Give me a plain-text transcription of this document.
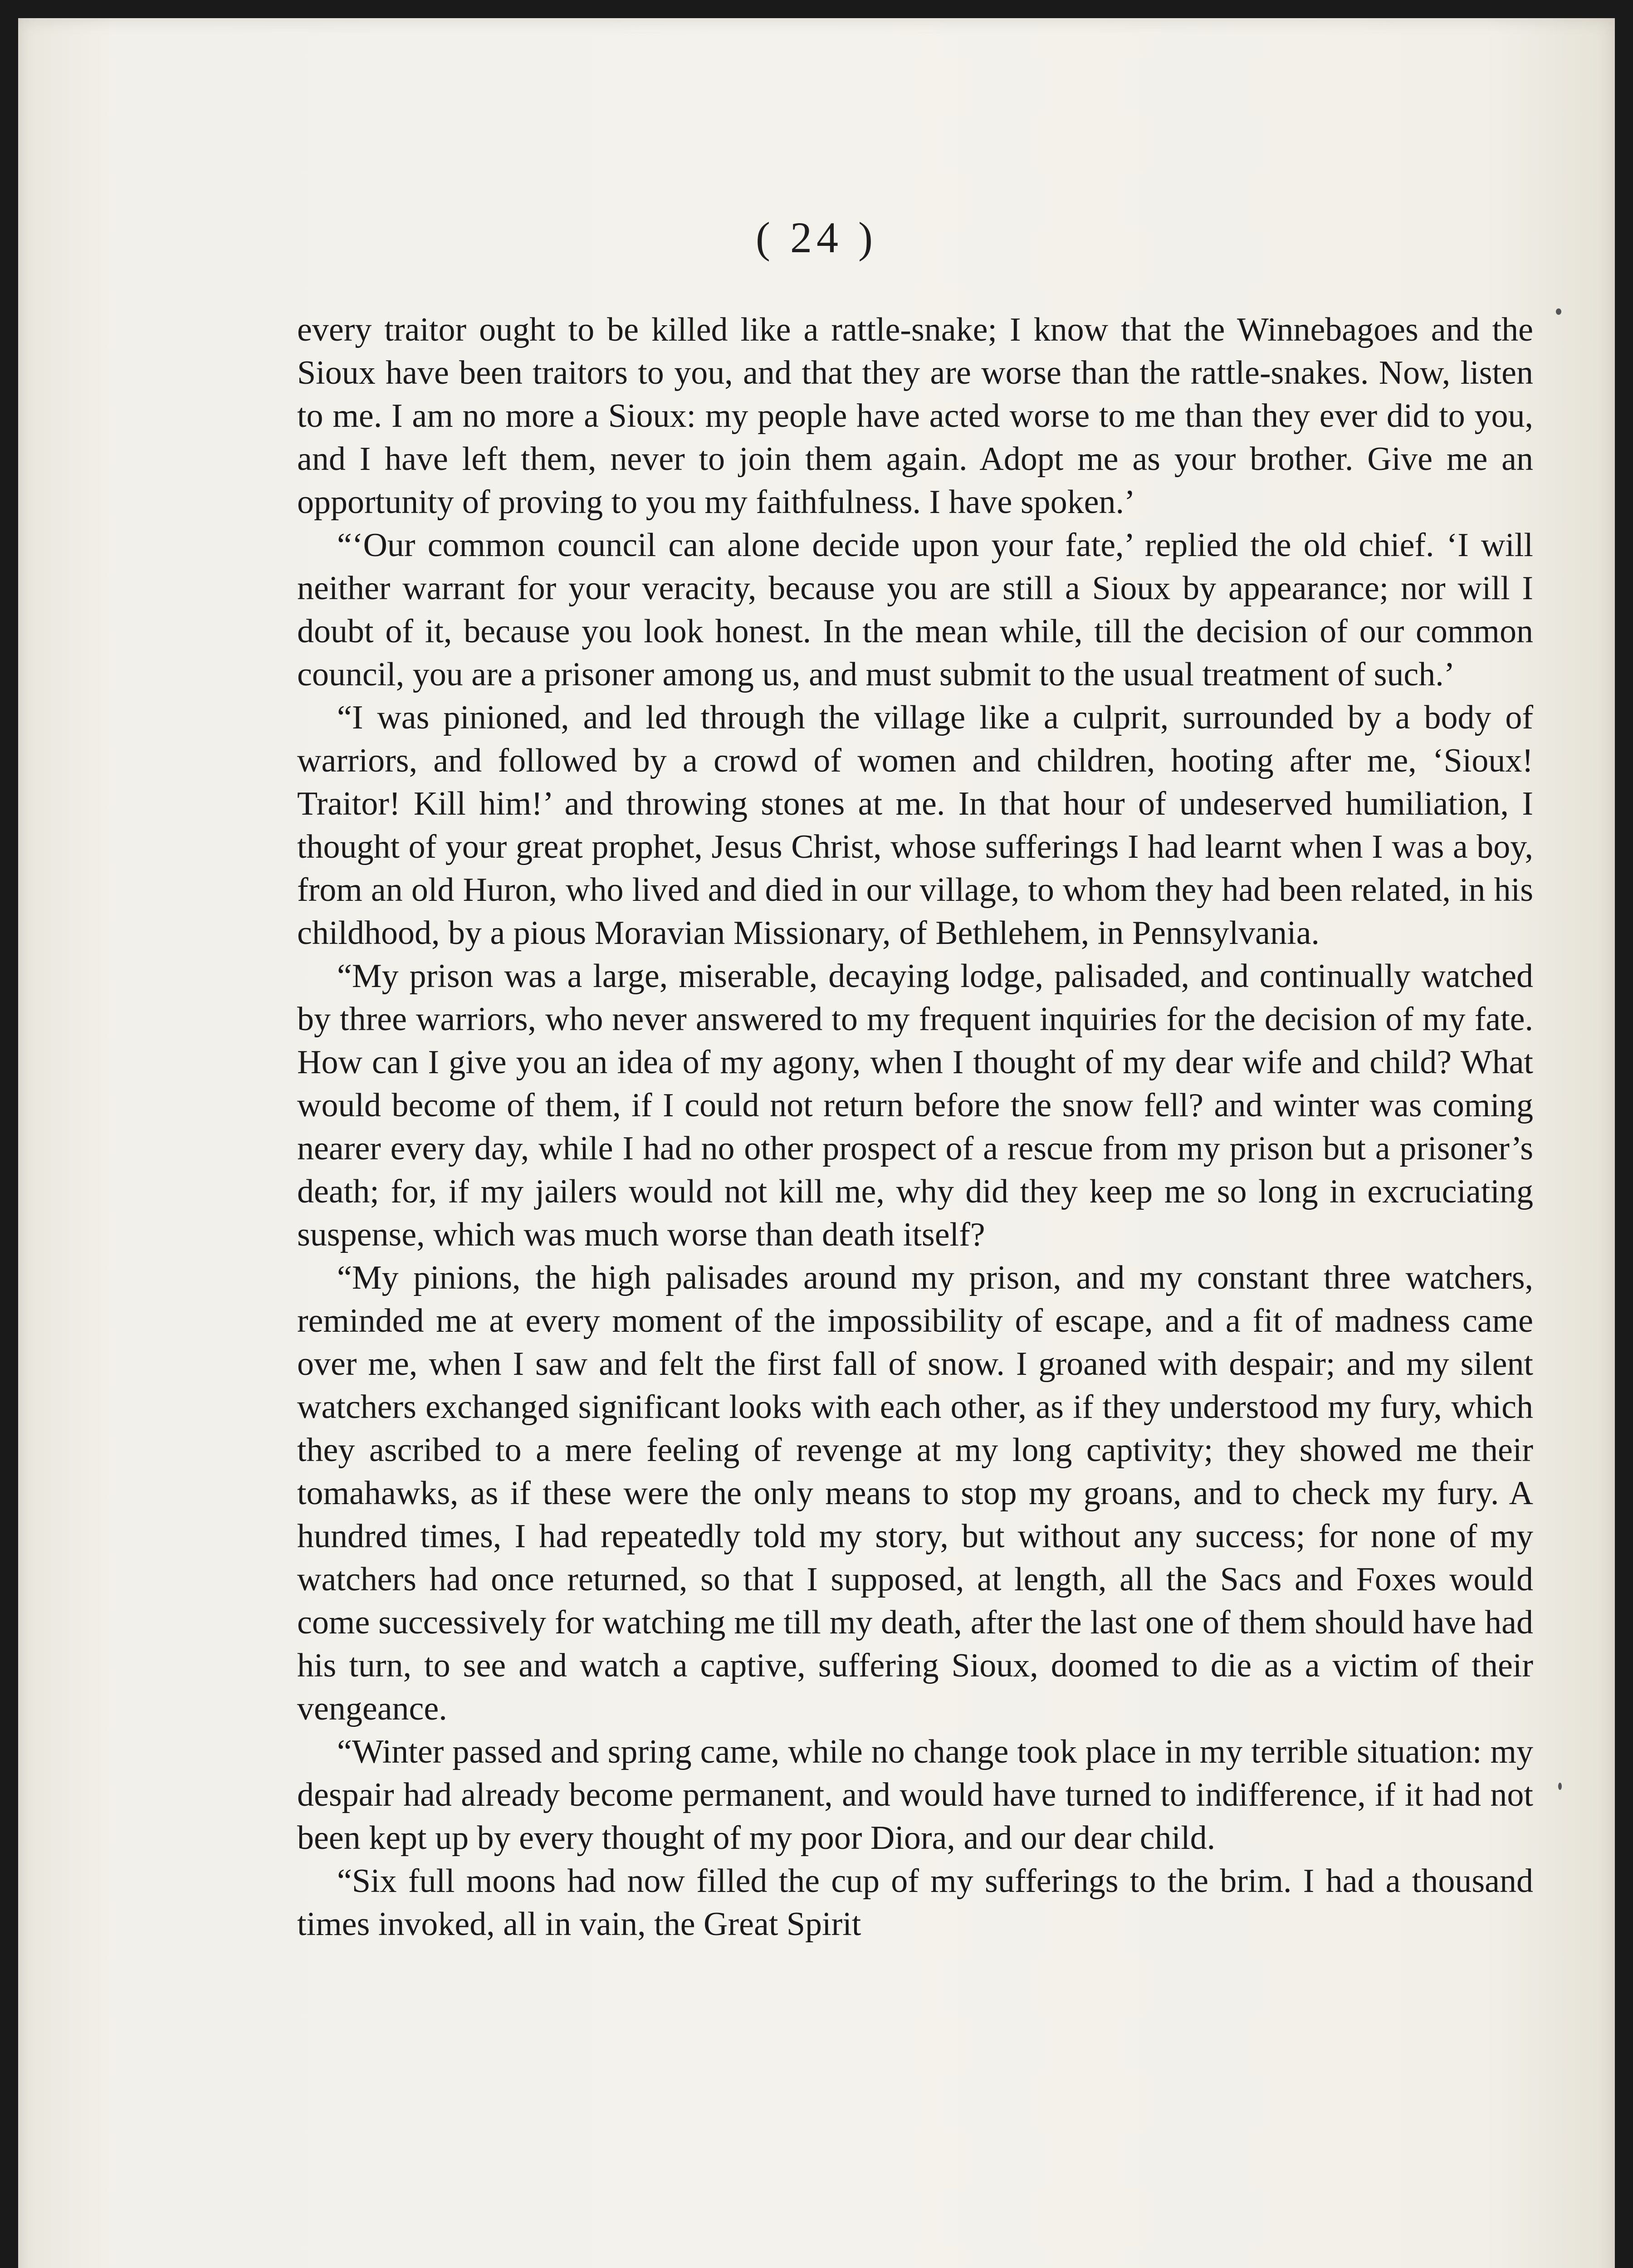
( 24 )

every traitor ought to be killed like a rattle-snake; I know that the Winnebagoes and the Sioux have been traitors to you, and that they are worse than the rattle-snakes. Now, listen to me. I am no more a Sioux: my people have acted worse to me than they ever did to you, and I have left them, never to join them again. Adopt me as your brother. Give me an opportunity of proving to you my faithfulness. I have spoken.’

“‘Our common council can alone decide upon your fate,’ replied the old chief. ‘I will neither warrant for your veracity, because you are still a Sioux by appearance; nor will I doubt of it, because you look honest. In the mean while, till the decision of our common council, you are a prisoner among us, and must submit to the usual treatment of such.’

“I was pinioned, and led through the village like a culprit, surrounded by a body of warriors, and followed by a crowd of women and children, hooting after me, ‘Sioux! Traitor! Kill him!’ and throwing stones at me. In that hour of undeserved humiliation, I thought of your great prophet, Jesus Christ, whose sufferings I had learnt when I was a boy, from an old Huron, who lived and died in our village, to whom they had been related, in his childhood, by a pious Moravian Missionary, of Bethlehem, in Pennsylvania.

“My prison was a large, miserable, decaying lodge, palisaded, and continually watched by three warriors, who never answered to my frequent inquiries for the decision of my fate. How can I give you an idea of my agony, when I thought of my dear wife and child? What would become of them, if I could not return before the snow fell? and winter was coming nearer every day, while I had no other prospect of a rescue from my prison but a prisoner’s death; for, if my jailers would not kill me, why did they keep me so long in excruciating suspense, which was much worse than death itself?

“My pinions, the high palisades around my prison, and my constant three watchers, reminded me at every moment of the impossibility of escape, and a fit of madness came over me, when I saw and felt the first fall of snow. I groaned with despair; and my silent watchers exchanged significant looks with each other, as if they understood my fury, which they ascribed to a mere feeling of revenge at my long captivity; they showed me their tomahawks, as if these were the only means to stop my groans, and to check my fury. A hundred times, I had repeatedly told my story, but without any success; for none of my watchers had once returned, so that I supposed, at length, all the Sacs and Foxes would come successively for watching me till my death, after the last one of them should have had his turn, to see and watch a captive, suffering Sioux, doomed to die as a victim of their vengeance.

“Winter passed and spring came, while no change took place in my terrible situation: my despair had already become permanent, and would have turned to indifference, if it had not been kept up by every thought of my poor Diora, and our dear child.

“Six full moons had now filled the cup of my sufferings to the brim. I had a thousand times invoked, all in vain, the Great Spirit
